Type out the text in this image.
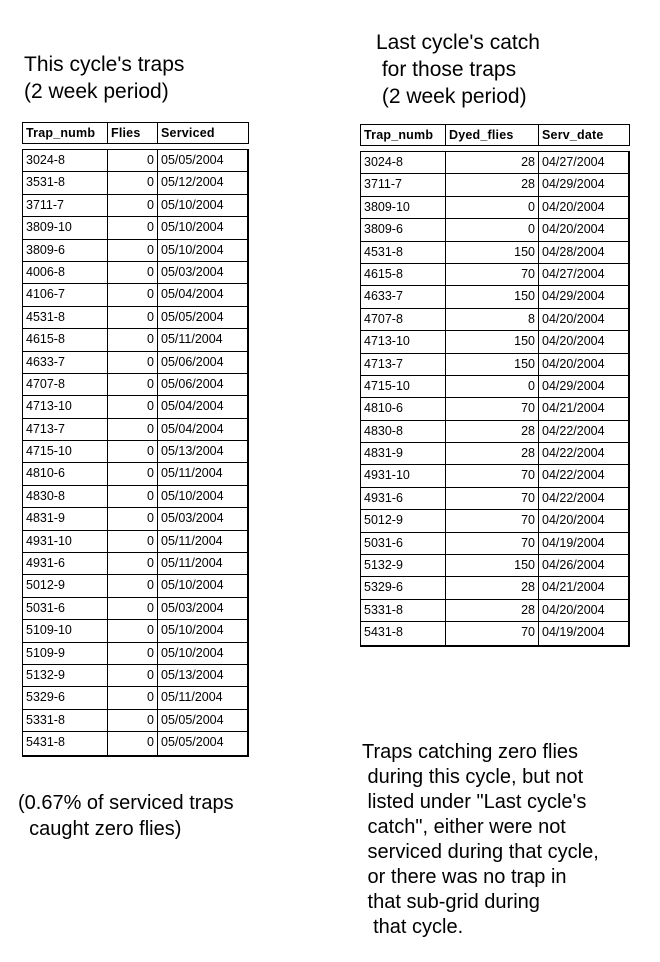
This cycle's traps
(2 week period)
Last cycle's catch
for those traps
(2 week period)
Trap_numb	Flies	Serviced
3024-8	0 05/05/2004
3531-8	0 05/12/2004
3711-7	0 05/10/2004
3809-10	0 05/10/2004
3809-6	0 05/10/2004
4006-8	0 05/03/2004
4106-7	0 05/04/2004
4531-8	0 05/05/2004
4615-8	0 05/11/2004
4633-7	0 05/06/2004
4707-8	0 05/06/2004
4713-10	0 05/04/2004
4713-7	0 05/04/2004
4715-10	0 05/13/2004
4810-6	0 05/11/2004
4830-8	0 05/10/2004
4831-9	0 05/03/2004
4931-10	0 05/11/2004
4931-6	0 05/11/2004
5012-9	0 05/10/2004
5031-6	0 05/03/2004
5109-10	0 05/10/2004
5109-9	0 05/10/2004
5132-9	0 05/13/2004
5329-6	0 05/11/2004
5331-8	0 05/05/2004
5431-8	0 05/05/2004
Trap_numb	Dyed_flies	Serv_date
3024-8	28 04/27/2004
3711-7	28 04/29/2004
3809-10	0 04/20/2004
3809-6	0 04/20/2004
4531-8	150 04/28/2004
4615-8	70 04/27/2004
4633-7	150 04/29/2004
4707-8	8 04/20/2004
4713-10	150 04/20/2004
4713-7	150 04/20/2004
4715-10	0 04/29/2004
4810-6	70 04/21/2004
4830-8	28 04/22/2004
4831-9	28 04/22/2004
4931-10	70 04/22/2004
4931-6	70 04/22/2004
5012-9	70 04/20/2004
5031-6	70 04/19/2004
5132-9	150 04/26/2004
5329-6	28 04/21/2004
5331-8	28 04/20/2004
5431-8	70 04/19/2004
(0.67% of serviced traps
caught zero flies)
Traps catching zero flies
during this cycle, but not
listed under "Last cycle's
catch", either were not
serviced during that cycle,
or there was no trap in
that sub-grid during
that cycle.
